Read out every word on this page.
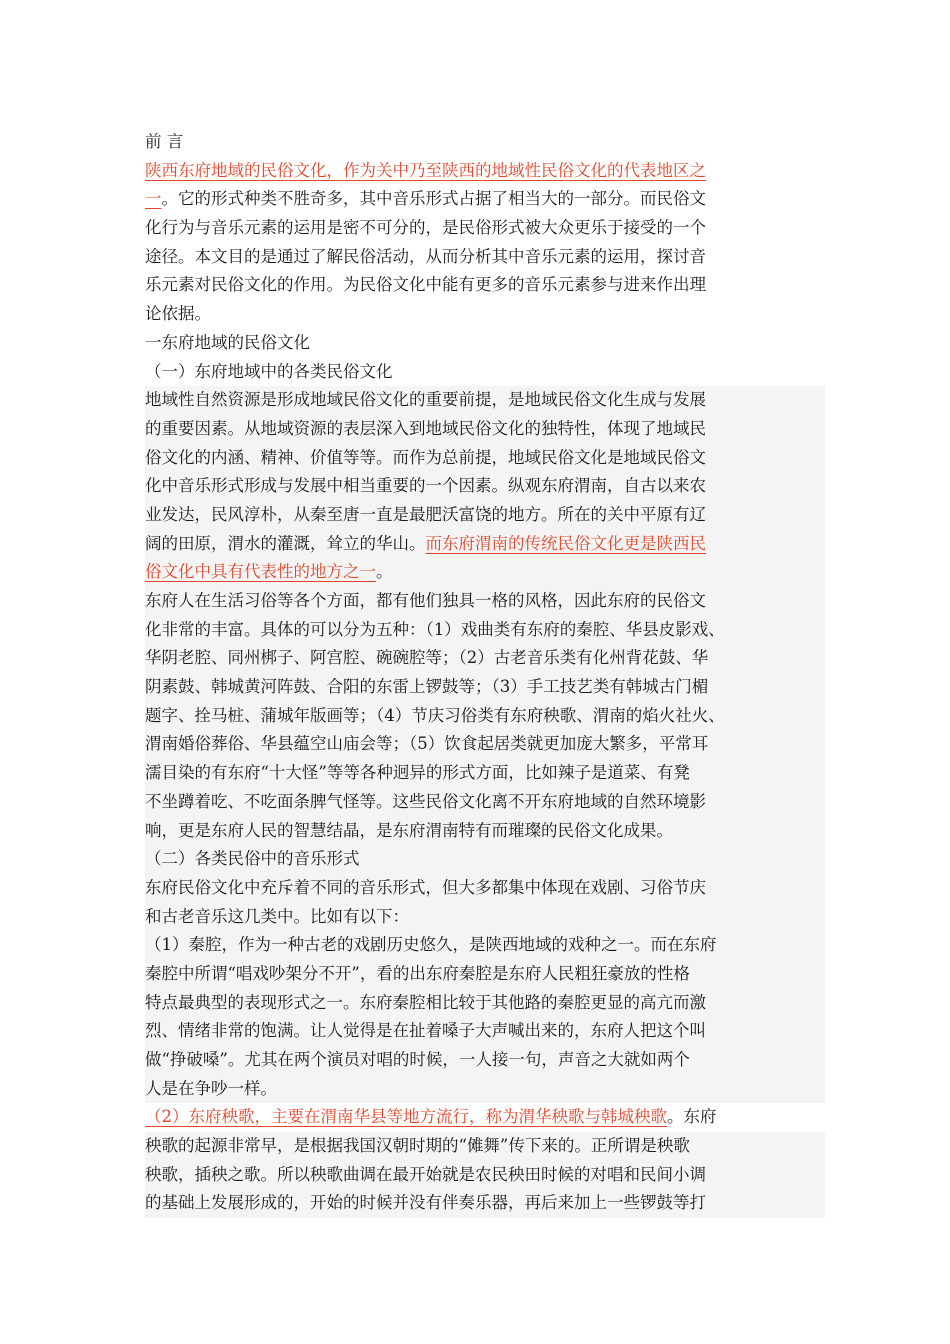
前 言
陕西东府地域的民俗文化，作为关中乃至陕西的地域性民俗文化的代表地区之
一。它的形式种类不胜奇多，其中音乐形式占据了相当大的一部分。而民俗文
化行为与音乐元素的运用是密不可分的，是民俗形式被大众更乐于接受的一个
途径。本文目的是通过了解民俗活动，从而分析其中音乐元素的运用，探讨音
乐元素对民俗文化的作用。为民俗文化中能有更多的音乐元素参与进来作出理
论依据。
一东府地域的民俗文化
（一）东府地域中的各类民俗文化
地域性自然资源是形成地域民俗文化的重要前提，是地域民俗文化生成与发展
的重要因素。从地域资源的表层深入到地域民俗文化的独特性，体现了地域民
俗文化的内涵、精神、价值等等。而作为总前提，地域民俗文化是地域民俗文
化中音乐形式形成与发展中相当重要的一个因素。纵观东府渭南，自古以来农
业发达，民风淳朴，从秦至唐一直是最肥沃富饶的地方。所在的关中平原有辽
阔的田原，渭水的灌溉，耸立的华山。而东府渭南的传统民俗文化更是陕西民
俗文化中具有代表性的地方之一。
东府人在生活习俗等各个方面，都有他们独具一格的风格，因此东府的民俗文
化非常的丰富。具体的可以分为五种：（1）戏曲类有东府的秦腔、华县皮影戏、
华阴老腔、同州梆子、阿宫腔、碗碗腔等；（2）古老音乐类有化州背花鼓、华
阴素鼓、韩城黄河阵鼓、合阳的东雷上锣鼓等；（3）手工技艺类有韩城古门楣
题字、拴马桩、蒲城年版画等；（4）节庆习俗类有东府秧歌、渭南的焰火社火、
渭南婚俗葬俗、华县蕴空山庙会等；（5）饮食起居类就更加庞大繁多，平常耳
濡目染的有东府“十大怪”等等各种迥异的形式方面，比如辣子是道菜、有凳
不坐蹲着吃、不吃面条脾气怪等。这些民俗文化离不开东府地域的自然环境影
响，更是东府人民的智慧结晶，是东府渭南特有而璀璨的民俗文化成果。
（二）各类民俗中的音乐形式
东府民俗文化中充斥着不同的音乐形式，但大多都集中体现在戏剧、习俗节庆
和古老音乐这几类中。比如有以下：
（1）秦腔，作为一种古老的戏剧历史悠久，是陕西地域的戏种之一。而在东府
秦腔中所谓“唱戏吵架分不开”，看的出东府秦腔是东府人民粗狂豪放的性格
特点最典型的表现形式之一。东府秦腔相比较于其他路的秦腔更显的高亢而激
烈、情绪非常的饱满。让人觉得是在扯着嗓子大声喊出来的，东府人把这个叫
做“挣破嗓”。尤其在两个演员对唱的时候，一人接一句，声音之大就如两个
人是在争吵一样。
（2）东府秧歌，主要在渭南华县等地方流行，称为渭华秧歌与韩城秧歌。东府
秧歌的起源非常早，是根据我国汉朝时期的“傩舞”传下来的。正所谓是秧歌
秧歌，插秧之歌。所以秧歌曲调在最开始就是农民秧田时候的对唱和民间小调
的基础上发展形成的，开始的时候并没有伴奏乐器，再后来加上一些锣鼓等打
